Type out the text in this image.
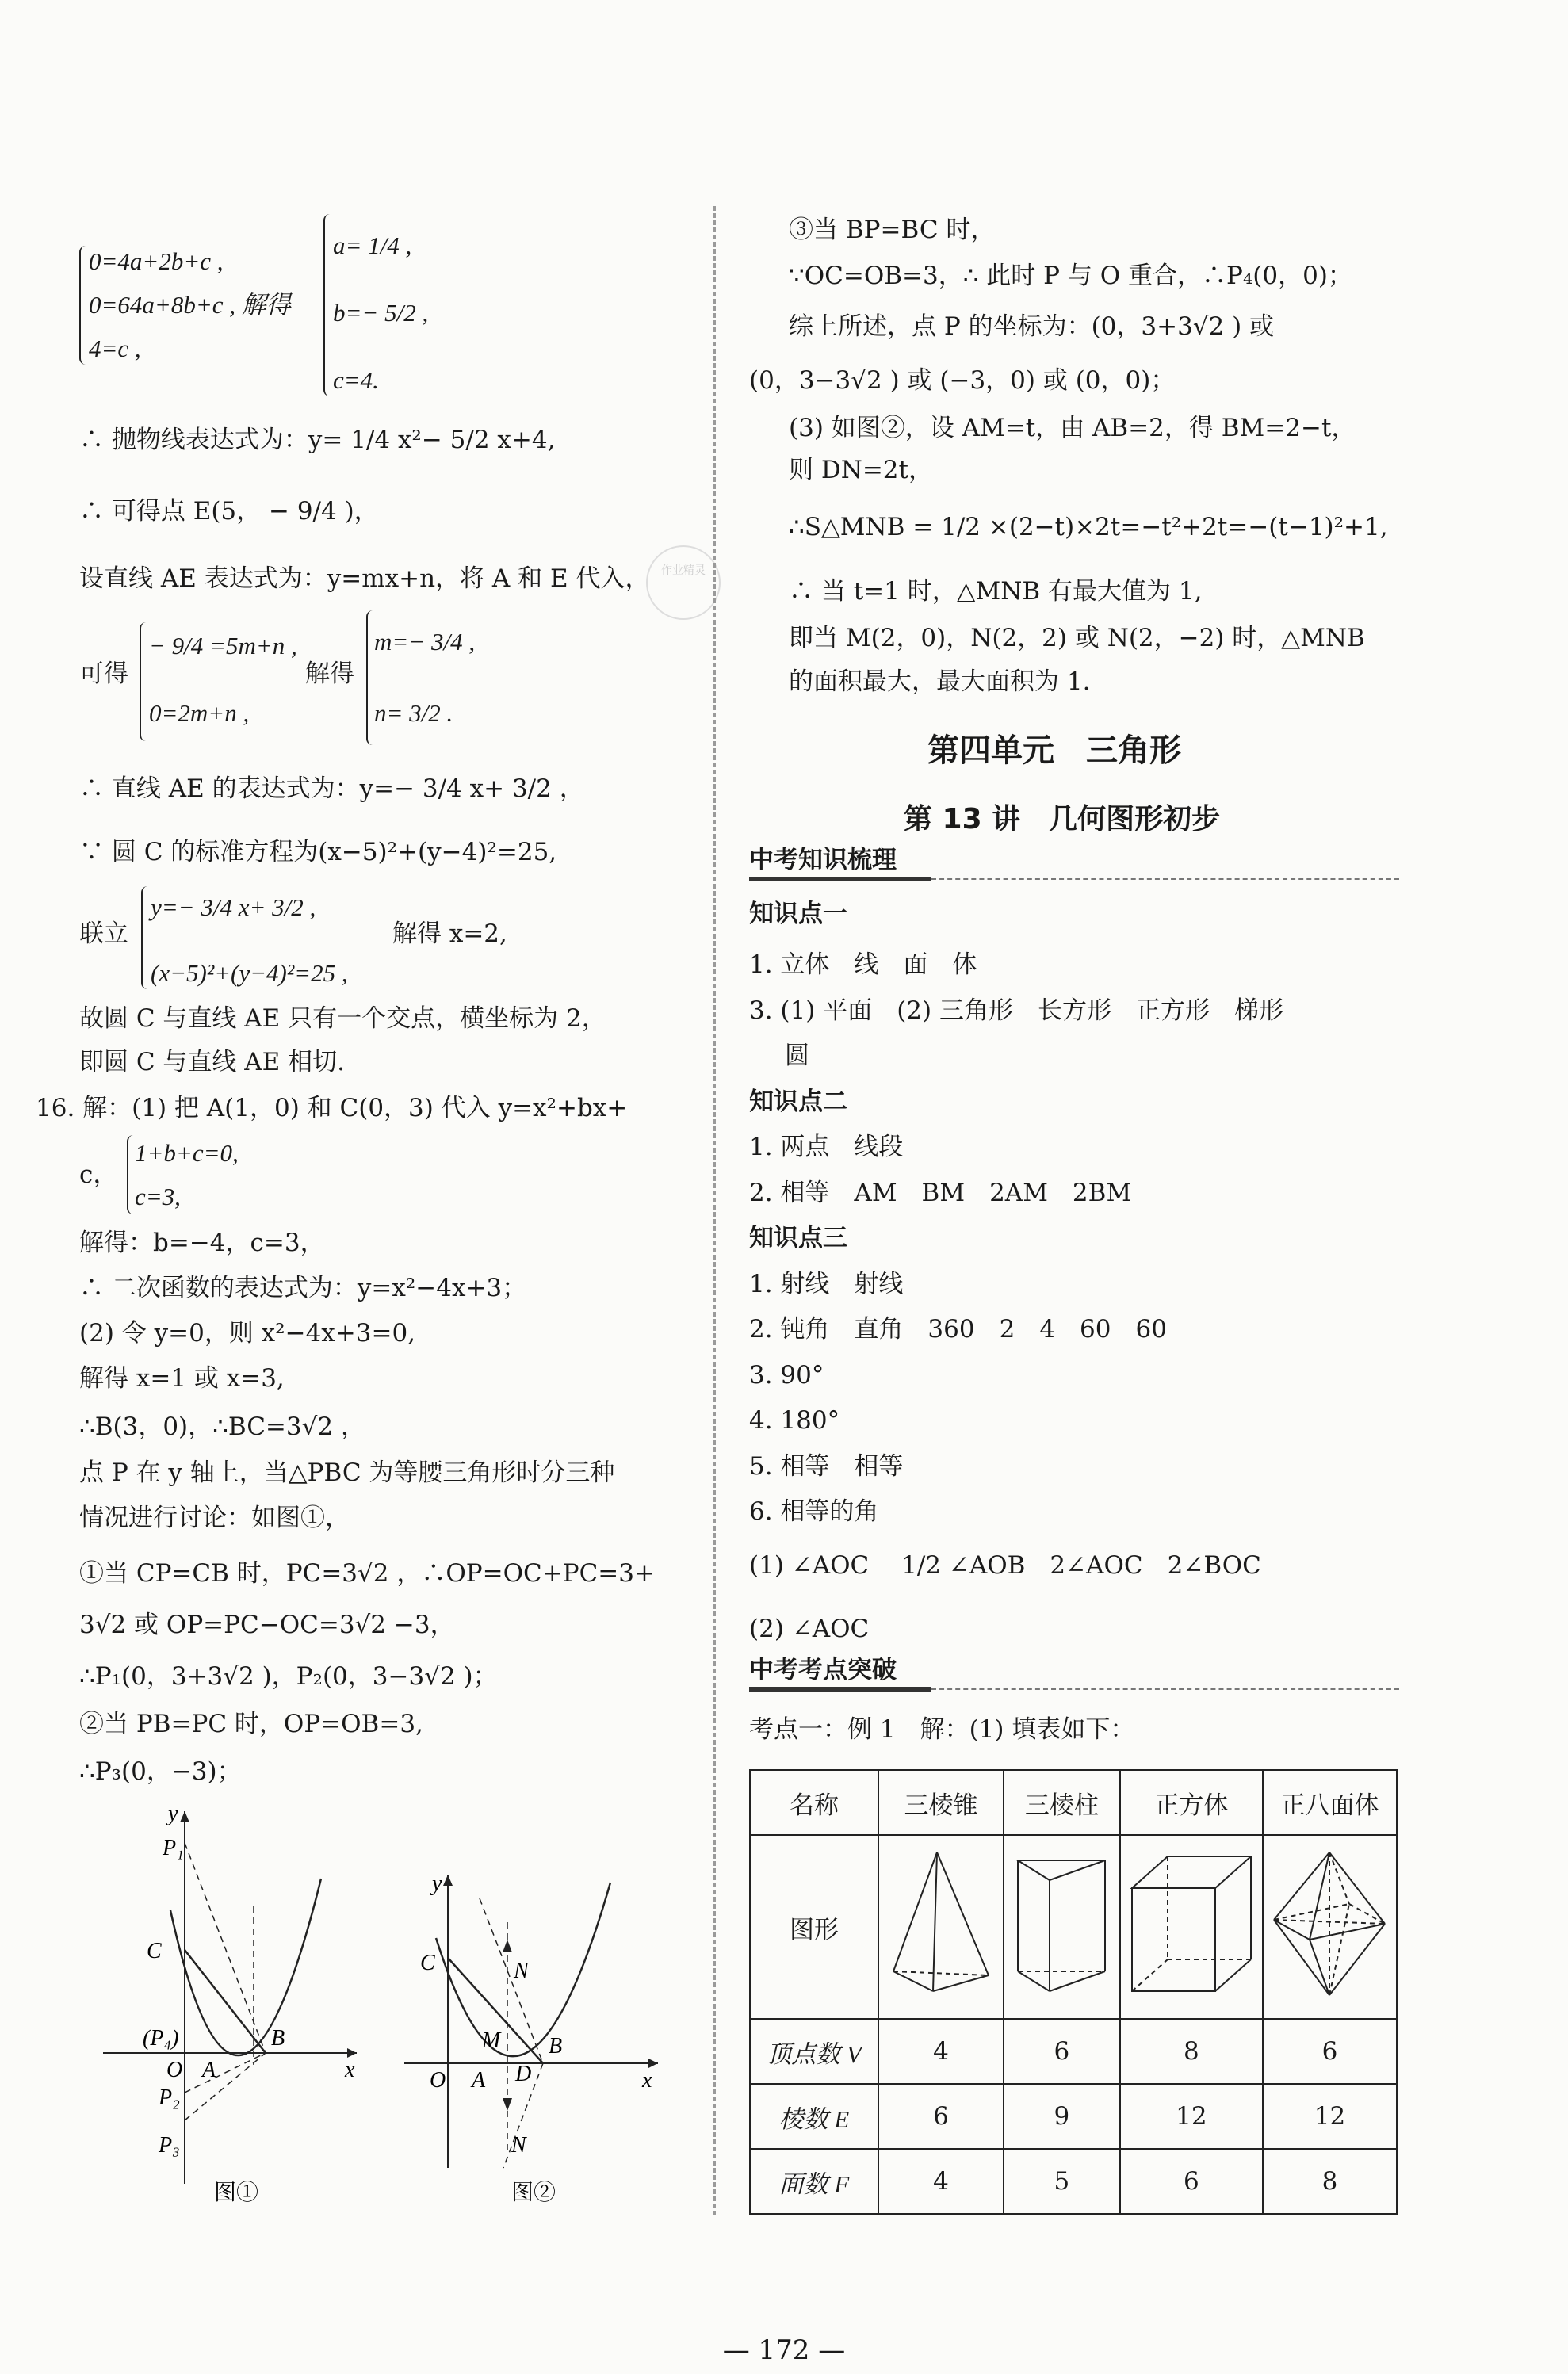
0=4a+2b+c ,
0=64a+8b+c , 解得
4=c ,
a= 1/4 ,
b=− 5/2 ,
c=4.
∴ 抛物线表达式为：y= 1/4 x²− 5/2 x+4,
∴ 可得点 E(5， − 9/4 )，
设直线 AE 表达式为：y=mx+n，将 A 和 E 代入，
可得
− 9/4 =5m+n ,
0=2m+n ,
解得
m=− 3/4 ,
n= 3/2 .
∴ 直线 AE 的表达式为：y=− 3/4 x+ 3/2 ，
∵ 圆 C 的标准方程为(x−5)²+(y−4)²=25,
联立
y=− 3/4 x+ 3/2 ,
(x−5)²+(y−4)²=25 ,
解得 x=2,
故圆 C 与直线 AE 只有一个交点，横坐标为 2，
即圆 C 与直线 AE 相切.
16. 解：(1) 把 A(1，0) 和 C(0，3) 代入 y=x²+bx+
c，
1+b+c=0,
c=3,
解得：b=−4，c=3，
∴ 二次函数的表达式为：y=x²−4x+3；
(2) 令 y=0，则 x²−4x+3=0,
解得 x=1 或 x=3,
∴B(3，0)，∴BC=3√2 ，
点 P 在 y 轴上，当△PBC 为等腰三角形时分三种
情况进行讨论：如图①，
①当 CP=CB 时，PC=3√2 ，∴OP=OC+PC=3+
3√2 或 OP=PC−OC=3√2 −3，
∴P₁(0，3+3√2 )，P₂(0，3−3√2 )；
②当 PB=PC 时，OP=OB=3,
∴P₃(0，−3)；

作业精灵
y
x
P₁
C
(P₄)
O A
B
P₂
P₃
图①
y
x
C	N
M B
O A D
N
图②
③当 BP=BC 时，
∵OC=OB=3，∴ 此时 P 与 O 重合，∴P₄(0，0)；
综上所述，点 P 的坐标为：(0，3+3√2 ) 或
(0，3−3√2 ) 或 (−3，0) 或 (0，0)；
(3) 如图②，设 AM=t，由 AB=2，得 BM=2−t，
则 DN=2t，
∴S△MNB = 1/2 ×(2−t)×2t=−t²+2t=−(t−1)²+1,
∴ 当 t=1 时，△MNB 有最大值为 1,
即当 M(2，0)，N(2，2) 或 N(2，−2) 时，△MNB
的面积最大，最大面积为 1.
第四单元　三角形
第 13 讲　几何图形初步
中考知识梳理
知识点一
1. 立体　线　面　体
3. (1) 平面　(2) 三角形　长方形　正方形　梯形
圆
知识点二
1. 两点　线段
2. 相等　AM　BM　2AM　2BM
知识点三
1. 射线　射线
2. 钝角　直角　360　2　4　60　60
3. 90°
4. 180°
5. 相等　相等
6. 相等的角
(1) ∠AOC　 1/2 ∠AOB　2∠AOC　2∠BOC
(2) ∠AOC
中考考点突破
考点一：例 1　解：(1) 填表如下：
名称	三棱锥	三棱柱	正方体	正八面体
图形				
顶点数 V	4	6	8	6
棱数 E	6	9	12	12
面数 F	4	5	6	8
— 172 —
